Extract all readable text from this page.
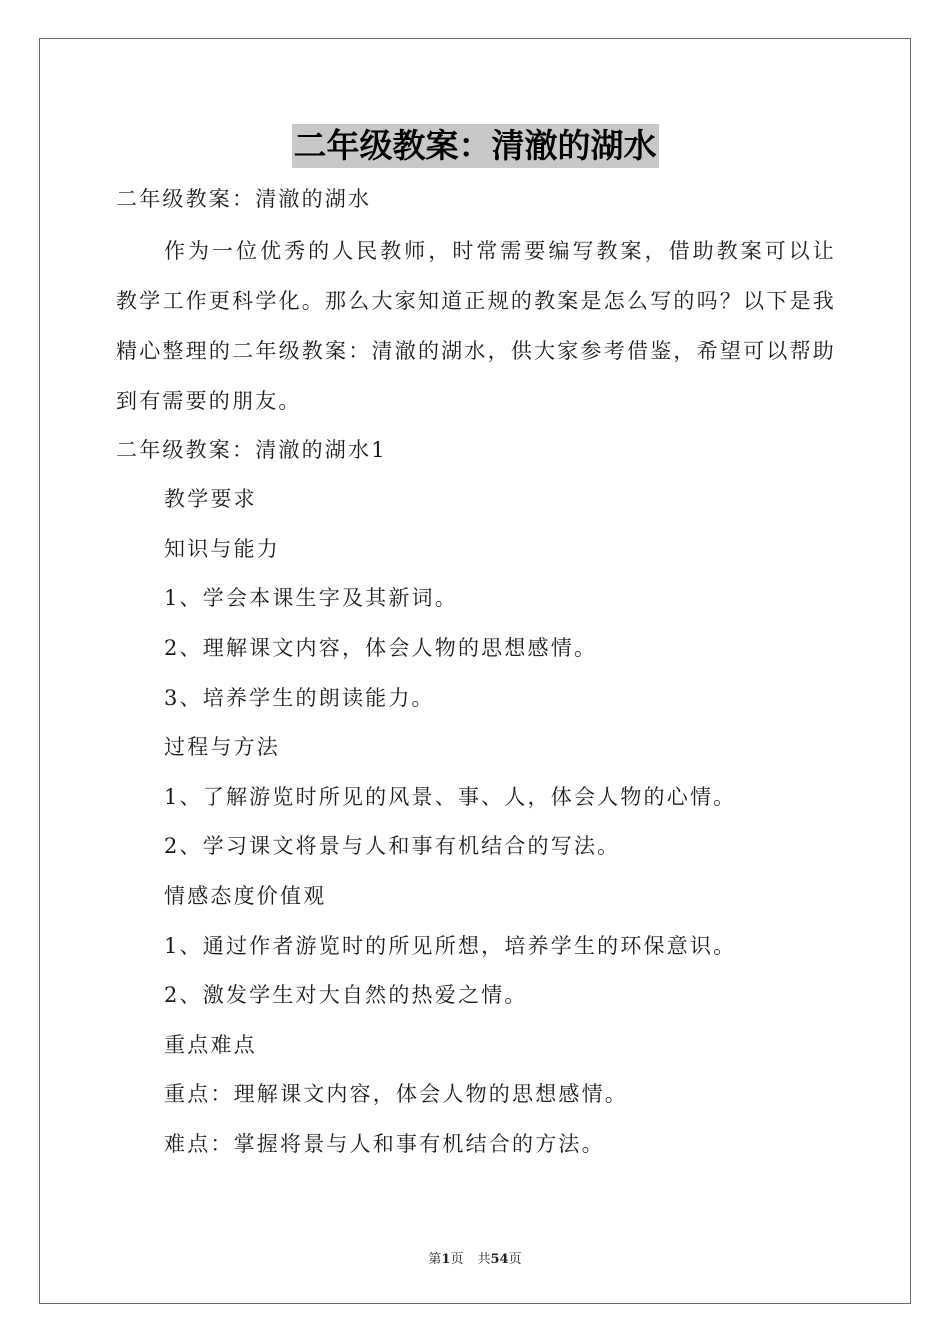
二年级教案：清澈的湖水
二年级教案：清澈的湖水

作为一位优秀的人民教师，时常需要编写教案，借助教案可以让教学工作更科学化。那么大家知道正规的教案是怎么写的吗？以下是我精心整理的二年级教案：清澈的湖水，供大家参考借鉴，希望可以帮助到有需要的朋友。

二年级教案：清澈的湖水1
教学要求
知识与能力
1、学会本课生字及其新词。
2、理解课文内容，体会人物的思想感情。
3、培养学生的朗读能力。
过程与方法
1、了解游览时所见的风景、事、人，体会人物的心情。
2、学习课文将景与人和事有机结合的写法。
情感态度价值观
1、通过作者游览时的所见所想，培养学生的环保意识。
2、激发学生对大自然的热爱之情。
重点难点
重点：理解课文内容，体会人物的思想感情。
难点：掌握将景与人和事有机结合的方法。
第1页 共54页
